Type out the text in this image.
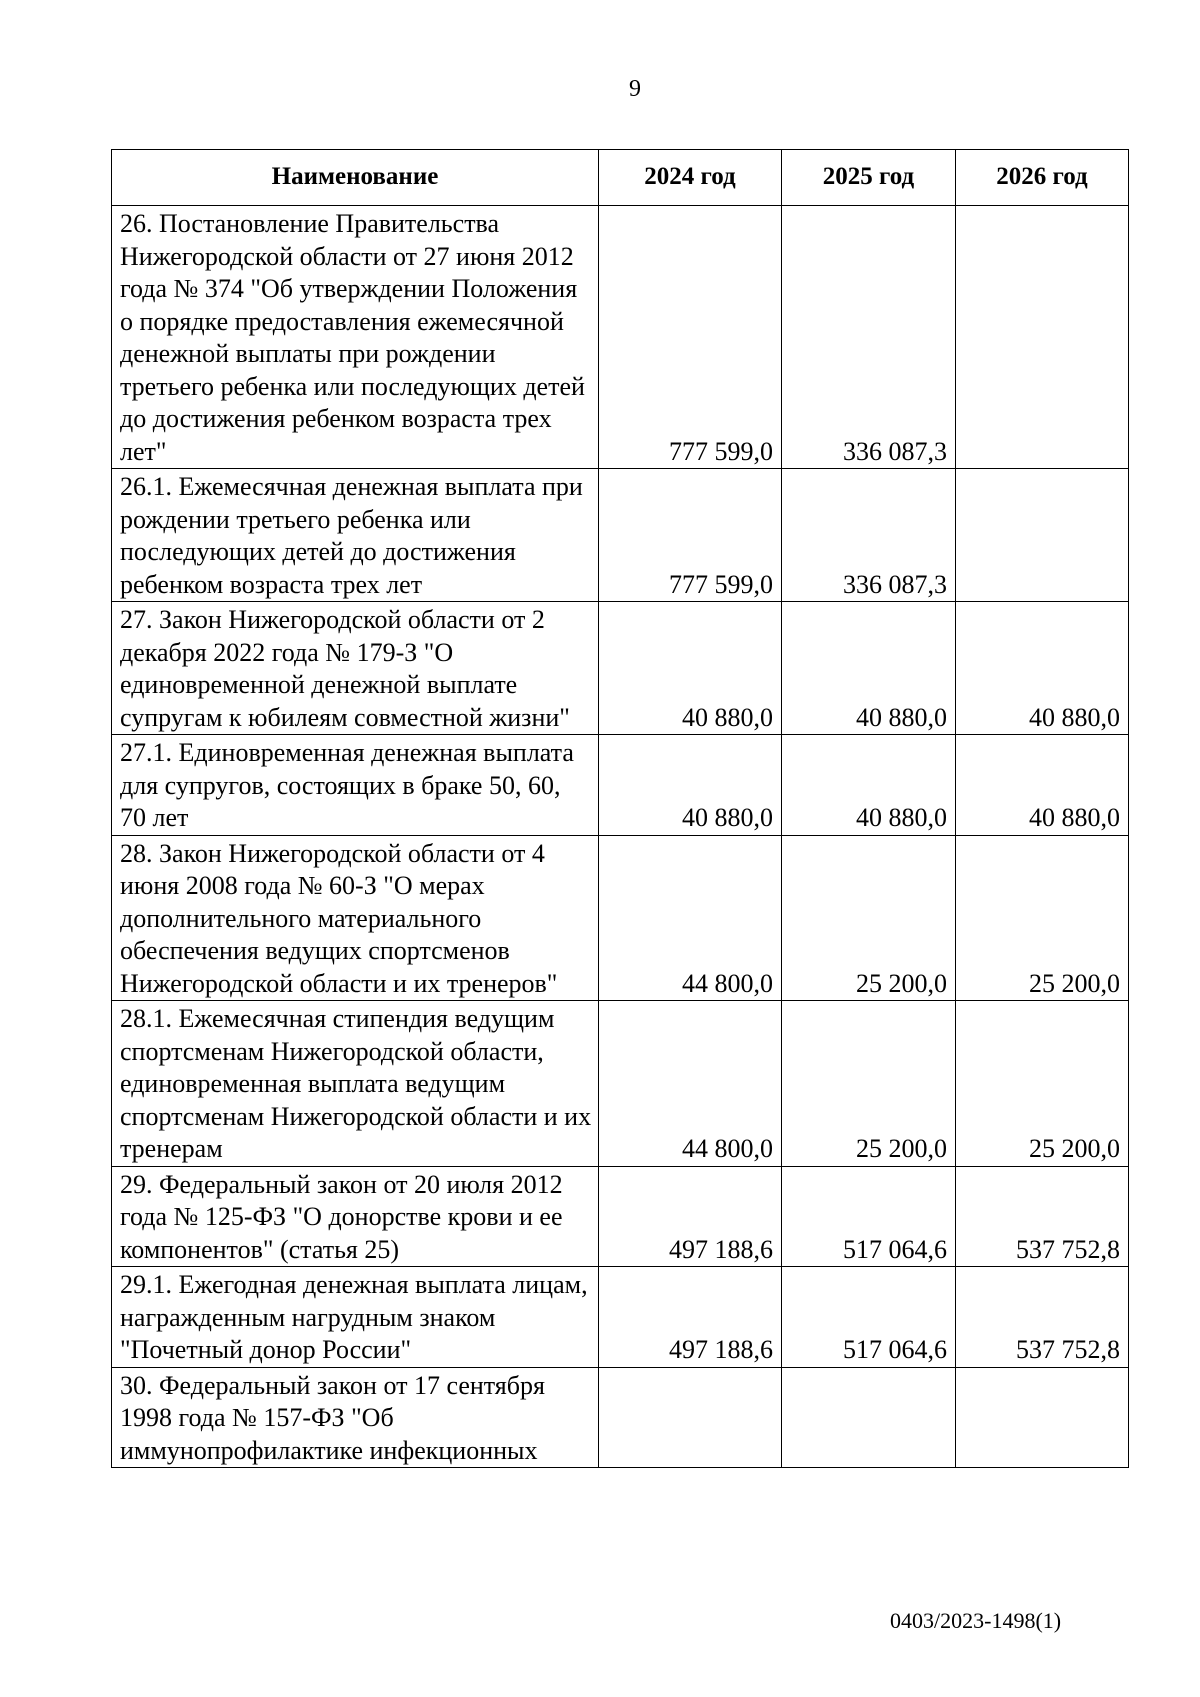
9
Наименование	2024 год	2025 год	2026 год
26. Постановление Правительства Нижегородской области от 27 июня 2012 года № 374 "Об утверждении Положения о порядке предоставления ежемесячной денежной выплаты при рождении третьего ребенка или последующих детей до достижения ребенком возраста трех лет"	777 599,0	336 087,3	
26.1. Ежемесячная денежная выплата при рождении третьего ребенка или последующих детей до достижения ребенком возраста трех лет	777 599,0	336 087,3	
27. Закон Нижегородской области от 2 декабря 2022 года № 179-З "О единовременной денежной выплате супругам к юбилеям совместной жизни"	40 880,0	40 880,0	40 880,0
27.1. Единовременная денежная выплата для супругов, состоящих в браке 50, 60, 70 лет	40 880,0	40 880,0	40 880,0
28. Закон Нижегородской области от 4 июня 2008 года № 60-З "О мерах дополнительного материального обеспечения ведущих спортсменов Нижегородской области и их тренеров"	44 800,0	25 200,0	25 200,0
28.1. Ежемесячная стипендия ведущим спортсменам Нижегородской области, единовременная выплата ведущим спортсменам Нижегородской области и их тренерам	44 800,0	25 200,0	25 200,0
29. Федеральный закон от 20 июля 2012 года № 125-ФЗ "О донорстве крови и ее компонентов" (статья 25)	497 188,6	517 064,6	537 752,8
29.1. Ежегодная денежная выплата лицам, награжденным нагрудным знаком "Почетный донор России"	497 188,6	517 064,6	537 752,8
30. Федеральный закон от 17 сентября 1998 года № 157-ФЗ "Об иммунопрофилактике инфекционных			
0403/2023-1498(1)
